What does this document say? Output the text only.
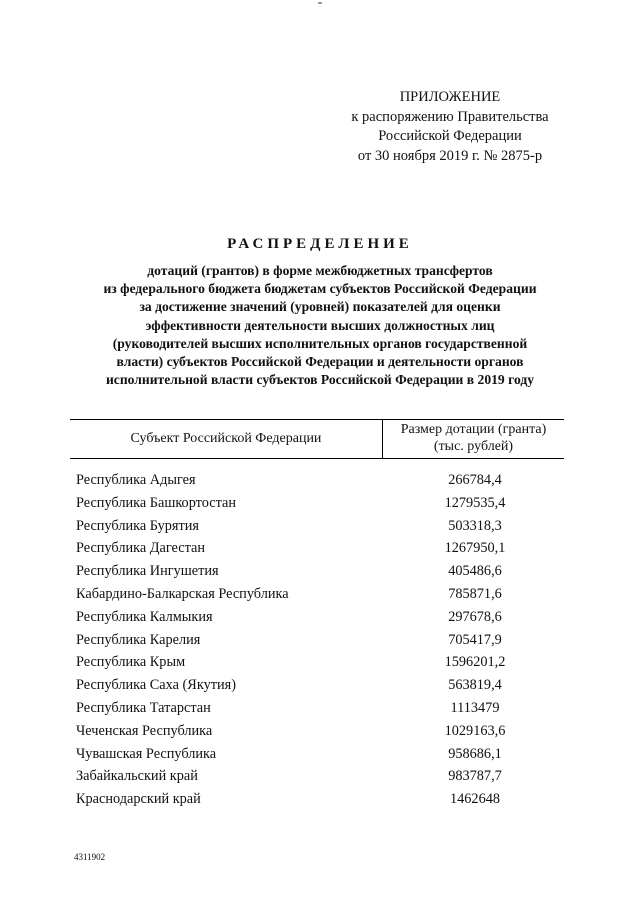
ПРИЛОЖЕНИЕ
к распоряжению Правительства
Российской Федерации
от 30 ноября 2019 г. № 2875-р
РАСПРЕДЕЛЕНИЕ
дотаций (грантов) в форме межбюджетных трансфертов
из федерального бюджета бюджетам субъектов Российской Федерации
за достижение значений (уровней) показателей для оценки
эффективности деятельности высших должностных лиц
(руководителей высших исполнительных органов государственной
власти) субъектов Российской Федерации и деятельности органов
исполнительной власти субъектов Российской Федерации в 2019 году
Субъект Российской Федерации
Размер дотации (гранта)
(тыс. рублей)
Республика Адыгея	266784,4
Республика Башкортостан	1279535,4
Республика Бурятия	503318,3
Республика Дагестан	1267950,1
Республика Ингушетия	405486,6
Кабардино-Балкарская Республика	785871,6
Республика Калмыкия	297678,6
Республика Карелия	705417,9
Республика Крым	1596201,2
Республика Саха (Якутия)	563819,4
Республика Татарстан	1113479
Чеченская Республика	1029163,6
Чувашская Республика	958686,1
Забайкальский край	983787,7
Краснодарский край	1462648
4311902
